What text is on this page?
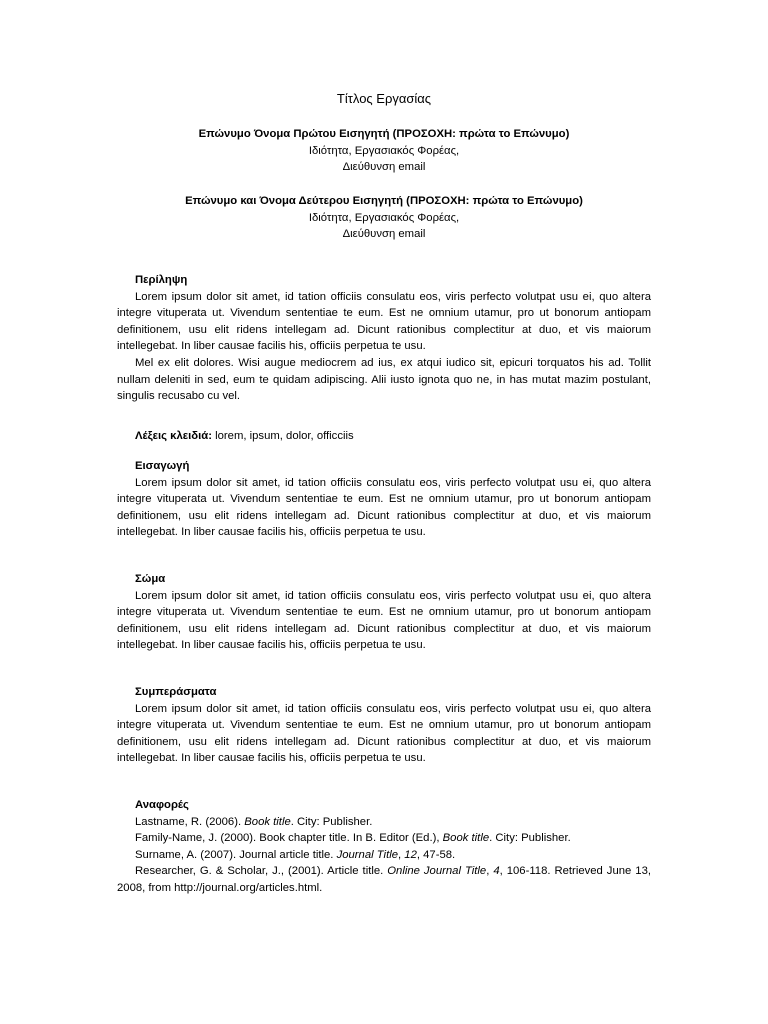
Τίτλος Εργασίας
Επώνυμο Όνομα Πρώτου Εισηγητή (ΠΡΟΣΟΧΗ: πρώτα το Επώνυμο)
Ιδιότητα, Εργασιακός Φορέας,
Διεύθυνση email
Επώνυμο και Όνομα Δεύτερου Εισηγητή (ΠΡΟΣΟΧΗ: πρώτα το Επώνυμο)
Ιδιότητα, Εργασιακός Φορέας,
Διεύθυνση email
Περίληψη

Lorem ipsum dolor sit amet, id tation officiis consulatu eos, viris perfecto volutpat usu ei, quo altera integre vituperata ut. Vivendum sententiae te eum. Est ne omnium utamur, pro ut bonorum antiopam definitionem, usu elit ridens intellegam ad. Dicunt rationibus complectitur at duo, et vis maiorum intellegebat. In liber causae facilis his, officiis perpetua te usu.

Mel ex elit dolores. Wisi augue mediocrem ad ius, ex atqui iudico sit, epicuri torquatos his ad. Tollit nullam deleniti in sed, eum te quidam adipiscing. Alii iusto ignota quo ne, in has mutat mazim postulant, singulis recusabo cu vel.

Λέξεις κλειδιά: lorem, ipsum, dolor, officciis
Εισαγωγή

Lorem ipsum dolor sit amet, id tation officiis consulatu eos, viris perfecto volutpat usu ei, quo altera integre vituperata ut. Vivendum sententiae te eum. Est ne omnium utamur, pro ut bonorum antiopam definitionem, usu elit ridens intellegam ad. Dicunt rationibus complectitur at duo, et vis maiorum intellegebat. In liber causae facilis his, officiis perpetua te usu.

Σώμα

Lorem ipsum dolor sit amet, id tation officiis consulatu eos, viris perfecto volutpat usu ei, quo altera integre vituperata ut. Vivendum sententiae te eum. Est ne omnium utamur, pro ut bonorum antiopam definitionem, usu elit ridens intellegam ad. Dicunt rationibus complectitur at duo, et vis maiorum intellegebat. In liber causae facilis his, officiis perpetua te usu.

Συμπεράσματα

Lorem ipsum dolor sit amet, id tation officiis consulatu eos, viris perfecto volutpat usu ei, quo altera integre vituperata ut. Vivendum sententiae te eum. Est ne omnium utamur, pro ut bonorum antiopam definitionem, usu elit ridens intellegam ad. Dicunt rationibus complectitur at duo, et vis maiorum intellegebat. In liber causae facilis his, officiis perpetua te usu.

Αναφορές

Lastname, R. (2006). Book title. City: Publisher.

Family-Name, J. (2000). Book chapter title. In B. Editor (Ed.), Book title. City: Publisher.

Surname, A. (2007). Journal article title. Journal Title, 12, 47-58.

Researcher, G. & Scholar, J., (2001). Article title. Online Journal Title, 4, 106-118. Retrieved June 13, 2008, from http://journal.org/articles.html.
